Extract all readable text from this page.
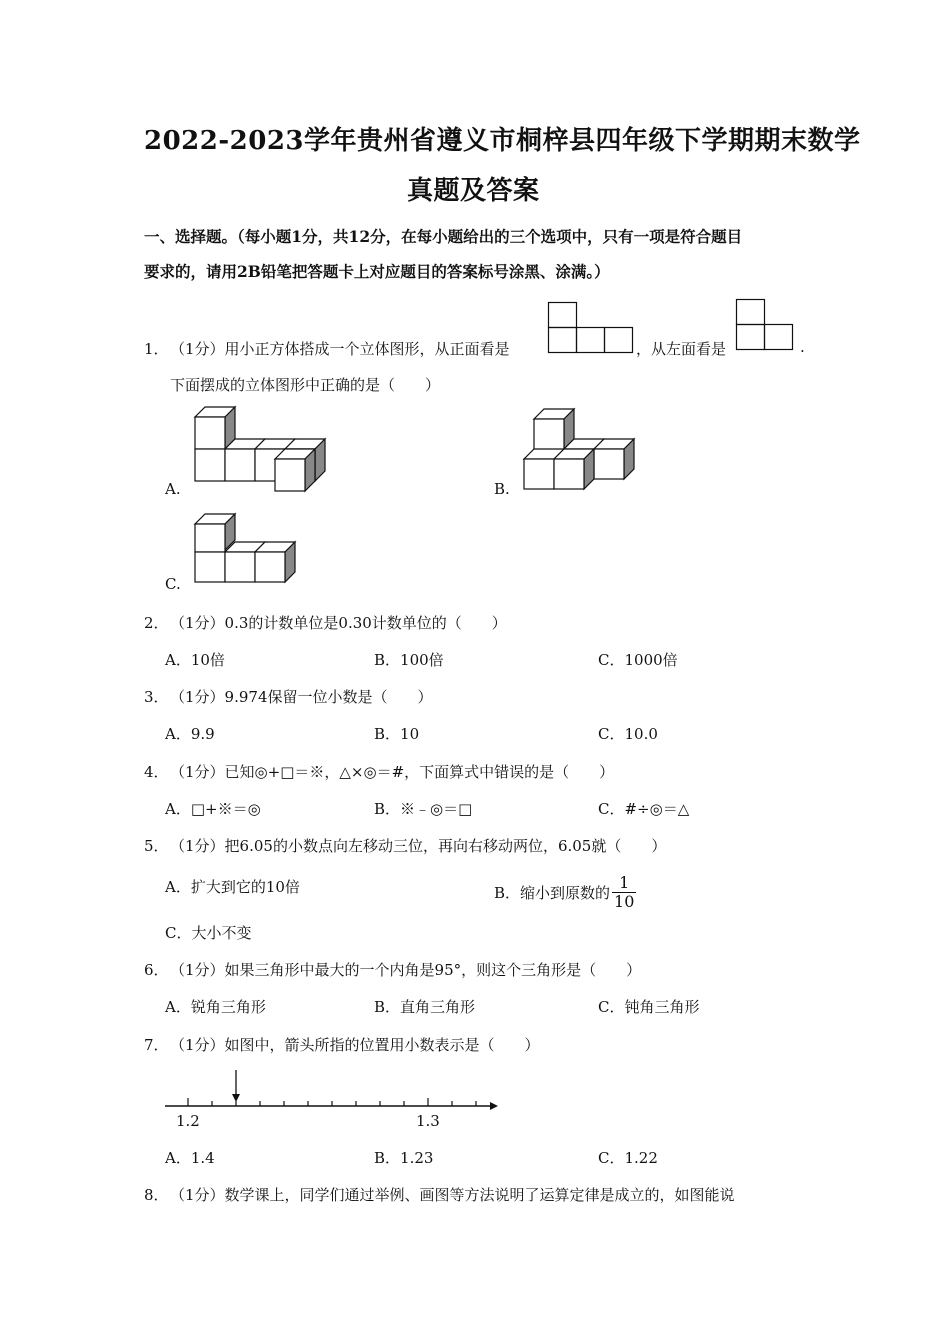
2022-2023学年贵州省遵义市桐梓县四年级下学期期末数学
真题及答案
一、选择题。（每小题1分，共12分，在每小题给出的三个选项中，只有一项是符合题目
要求的，请用2B铅笔把答题卡上对应题目的答案标号涂黑、涂满。）
1． （1分）用小正方体搭成一个立体图形，从正面看是	，从左面看是	.
下面摆成的立体图形中正确的是（　　）
A.	B.
C.
2． （1分）0.3的计数单位是0.30计数单位的（　　）
A．10倍	B．100倍	C．1000倍
3． （1分）9.974保留一位小数是（　　）
A．9.9	B．10	C．10.0
4． （1分）已知◎+□＝※，△×◎＝#，下面算式中错误的是（　　）
A．□+※＝◎	B．※﹣◎＝□	C．#÷◎＝△
5． （1分）把6.05的小数点向左移动三位，再向右移动两位，6.05就（　　）
A．扩大到它的10倍	B．缩小到原数的 $\frac{1}{10}$
C．大小不变
6． （1分）如果三角形中最大的一个内角是95°，则这个三角形是（　　）
A．锐角三角形	B．直角三角形	C．钝角三角形
7． （1分）如图中，箭头所指的位置用小数表示是（　　）
1.2	1.3
A．1.4	B．1.23	C．1.22
8． （1分）数学课上，同学们通过举例、画图等方法说明了运算定律是成立的，如图能说
